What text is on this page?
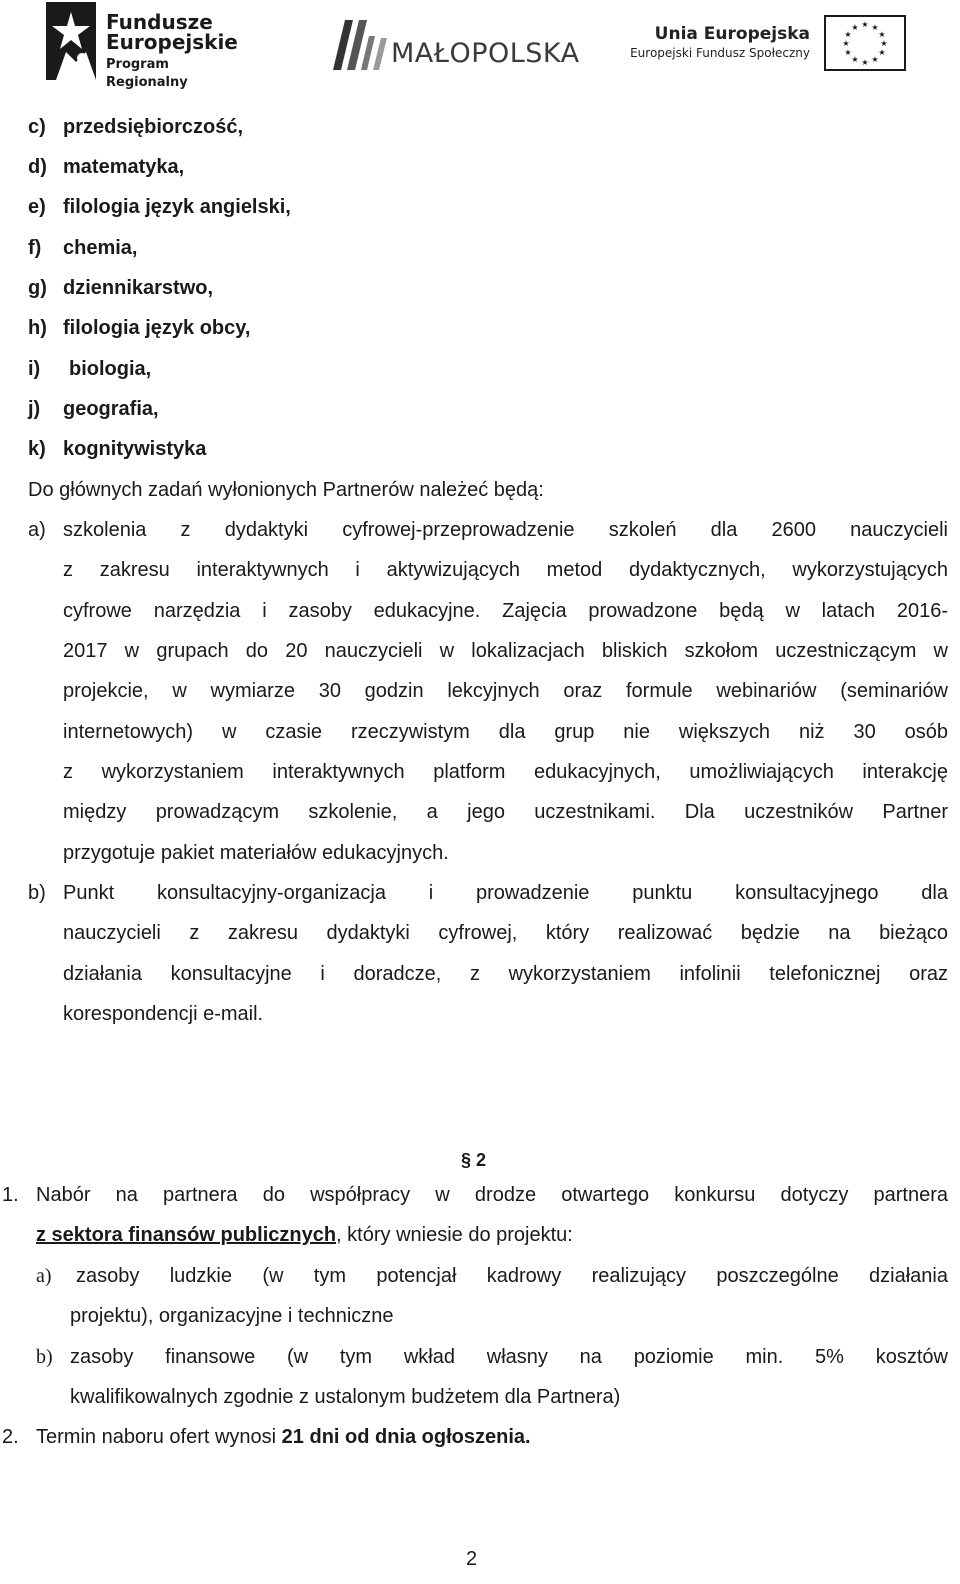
Fundusze
Europejskie
Program Regionalny
MAŁOPOLSKA
Unia Europejska
Europejski Fundusz Społeczny
★ ★
★
★
★
★
★
★
★
★
★
★
c) przedsiębiorczość,
d) matematyka,
e) filologia język angielski,
f) chemia,
g) dziennikarstwo,
h) filologia język obcy,
i) biologia,
j) geografia,
k) kognitywistyka

Do głównych zadań wyłonionych Partnerów należeć będą:

a) szkolenia z dydaktyki cyfrowej-przeprowadzenie szkoleń dla 2600 nauczycieli

z zakresu interaktywnych i aktywizujących metod dydaktycznych, wykorzystujących

cyfrowe narzędzia i zasoby edukacyjne. Zajęcia prowadzone będą w latach 2016-

2017 w grupach do 20 nauczycieli w lokalizacjach bliskich szkołom uczestniczącym w

projekcie, w wymiarze 30 godzin lekcyjnych oraz formule webinariów (seminariów

internetowych) w czasie rzeczywistym dla grup nie większych niż 30 osób

z wykorzystaniem interaktywnych platform edukacyjnych, umożliwiających interakcję

między prowadzącym szkolenie, a jego uczestnikami. Dla uczestników Partner

przygotuje pakiet materiałów edukacyjnych.

b) Punkt konsultacyjny-organizacja i prowadzenie punktu konsultacyjnego dla

nauczycieli z zakresu dydaktyki cyfrowej, który realizować będzie na bieżąco

działania konsultacyjne i doradcze, z wykorzystaniem infolinii telefonicznej oraz

korespondencji e-mail.

§ 2

1. Nabór na partnera do współpracy w drodze otwartego konkursu dotyczy partnera

z sektora finansów publicznych, który wniesie do projektu:

a) zasoby ludzkie (w tym potencjał kadrowy realizujący poszczególne działania

projektu), organizacyjne i techniczne

b) zasoby finansowe (w tym wkład własny na poziomie min. 5% kosztów

kwalifikowalnych zgodnie z ustalonym budżetem dla Partnera)

2. Termin naboru ofert wynosi 21 dni od dnia ogłoszenia.

2
